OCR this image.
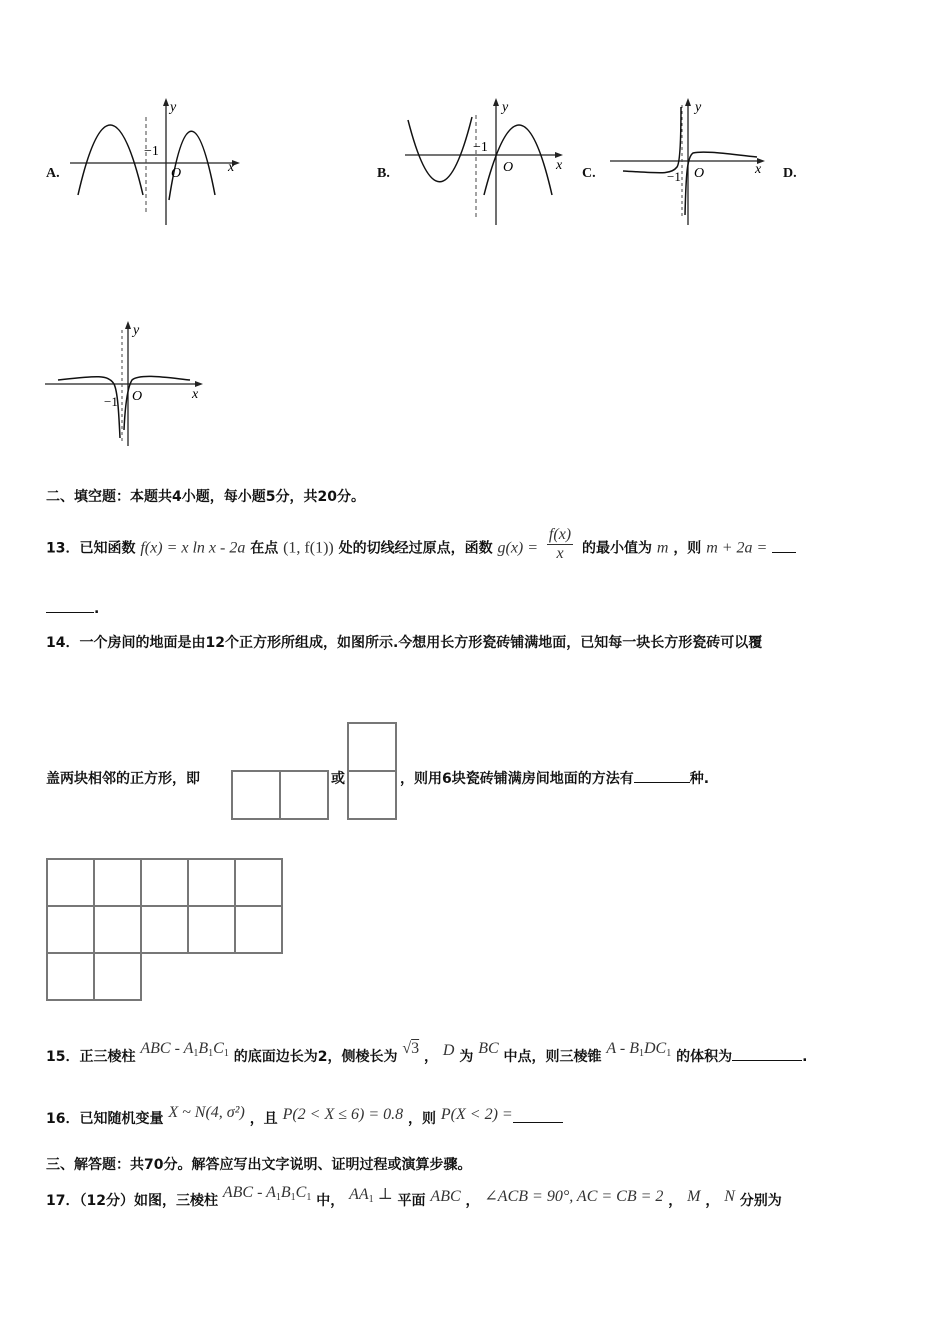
A.
y
x
O
−1
B.
y
x
O
−1
C.
y
x
O
−1	D.
y
x
O
−1
二、填空题：本题共4小题，每小题5分，共20分。
13．已知函数 f(x) = x ln x - 2a 在点 (1, f(1)) 处的切线经过原点，函数 $g(x) = \frac{f(x)}{x}$ 的最小值为 m ，则 m + 2a =
.
14．一个房间的地面是由12个正方形所组成，如图所示.今想用长方形瓷砖铺满地面，已知每一块长方形瓷砖可以覆
盖两块相邻的正方形，即	或	，则用6块瓷砖铺满房间地面的方法有	种.
15．正三棱柱 ABC - $A_1B_1C_1$ 的底面边长为2，侧棱长为 √3 ， D 为 BC 中点，则三棱锥 A - $B_1DC_1$ 的体积为	.
16．已知随机变量 X ~ N(4, σ²) ，且 P(2 < X ≤ 6) = 0.8 ，则 P(X < 2) =
三、解答题：共70分。解答应写出文字说明、证明过程或演算步骤。
17．（12分）如图，三棱柱 ABC - $A_1B_1C_1$ 中， $AA_1$ ⊥ 平面 ABC ， ∠ACB = 90°, AC = CB = 2 ， M ， N 分别为
